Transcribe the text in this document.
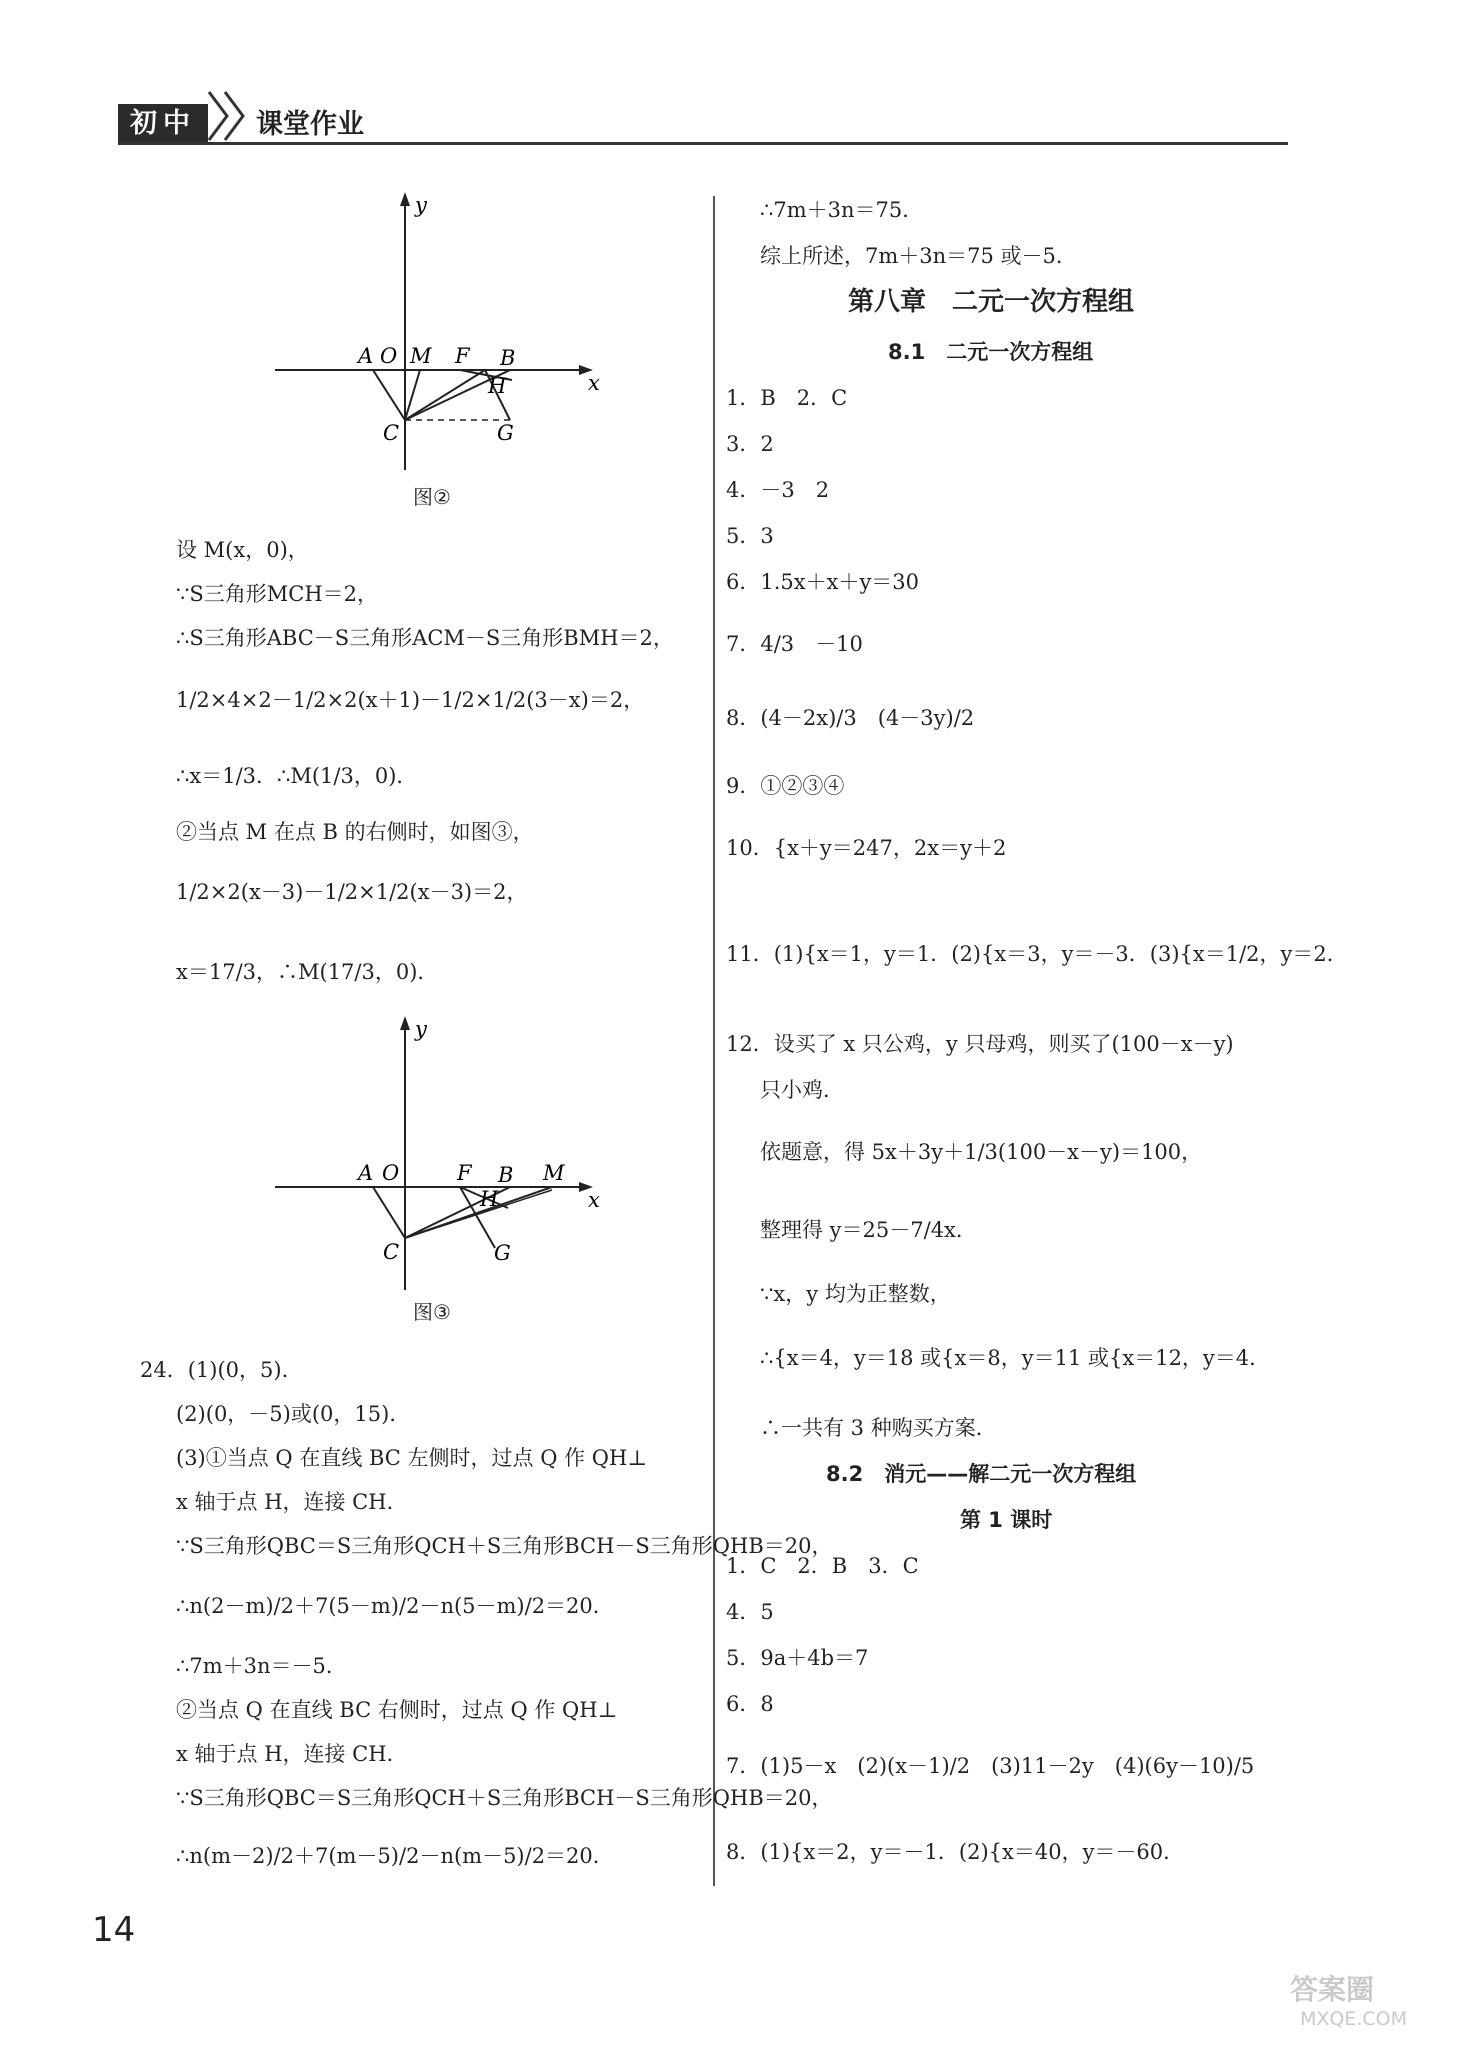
初中	课堂作业
y
A O M F B
H	x
C	G
图②
设 M(x，0)，
∵S三角形MCH＝2，
∴S三角形ABC－S三角形ACM－S三角形BMH＝2，
1/2×4×2－1/2×2(x＋1)－1/2×1/2(3－x)＝2，
∴x＝1/3．∴M(1/3，0)．
②当点 M 在点 B 的右侧时，如图③，
1/2×2(x－3)－1/2×1/2(x－3)＝2，
x＝17/3，∴M(17/3，0)．
y
A O	F B M
H	x
C	G
图③
24．(1)(0，5)．
(2)(0，－5)或(0，15)．
(3)①当点 Q 在直线 BC 左侧时，过点 Q 作 QH⊥
x 轴于点 H，连接 CH．
∵S三角形QBC＝S三角形QCH＋S三角形BCH－S三角形QHB＝20，
∴n(2－m)/2＋7(5－m)/2－n(5－m)/2＝20．
∴7m＋3n＝－5．
②当点 Q 在直线 BC 右侧时，过点 Q 作 QH⊥
x 轴于点 H，连接 CH．
∵S三角形QBC＝S三角形QCH＋S三角形BCH－S三角形QHB＝20，
∴n(m－2)/2＋7(m－5)/2－n(m－5)/2＝20．
∴7m＋3n＝75．
综上所述，7m＋3n＝75 或－5．
第八章　二元一次方程组
8.1　二元一次方程组
1．B　2．C
3．2
4．－3　2
5．3
6．1.5x＋x＋y＝30
7．4/3　－10
8．(4－2x)/3　(4－3y)/2
9．①②③④
10．{x＋y＝247，2x＝y＋2
11．(1){x＝1，y＝1．(2){x＝3，y＝－3．(3){x＝1/2，y＝2．
12．设买了 x 只公鸡，y 只母鸡，则买了(100－x－y)
只小鸡．
依题意，得 5x＋3y＋1/3(100－x－y)＝100，
整理得 y＝25－7/4x．
∵x，y 均为正整数，
∴{x＝4，y＝18 或{x＝8，y＝11 或{x＝12，y＝4．
∴一共有 3 种购买方案．
8.2　消元——解二元一次方程组
第 1 课时
1．C　2．B　3．C
4．5
5．9a＋4b＝7
6．8
7．(1)5－x　(2)(x－1)/2　(3)11－2y　(4)(6y－10)/5
8．(1){x＝2，y＝－1．(2){x＝40，y＝－60．
14
答案圈
MXQE.COM
